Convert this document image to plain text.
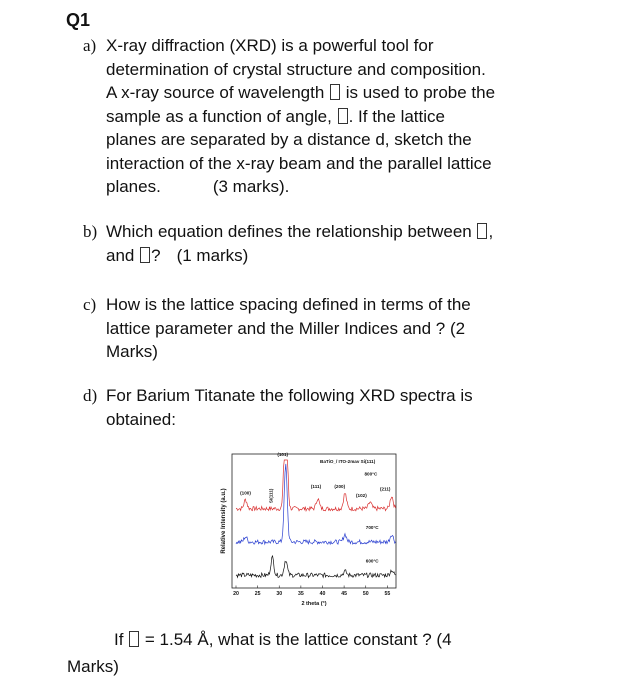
Q1
a) X-ray diffraction (XRD) is a powerful tool for
determination of crystal structure and composition.
A x-ray source of wavelength  is used to probe the
sample as a function of angle, . If the lattice
planes are separated by a distance d, sketch the
interaction of the x-ray beam and the parallel lattice
planes.	(3 marks).
b) Which equation defines the relationship between ,
and ? (1 marks)
c) How is the lattice spacing defined in terms of the
lattice parameter and the Miller Indices and ? (2
Marks)
d) For Barium Titanate the following XRD spectra is
obtained:
20	25	30	35	40	45	50	55
(100)
(101)
Si(111)
(111)	(200)
(102)
(211)
800°C
700°C
600°C
BaTiO_/ ITO-2mav Si(111)
2 theta (°)
Relative Intensity (a.u.)
If  = 1.54 Å, what is the lattice constant ? (4
Marks)
